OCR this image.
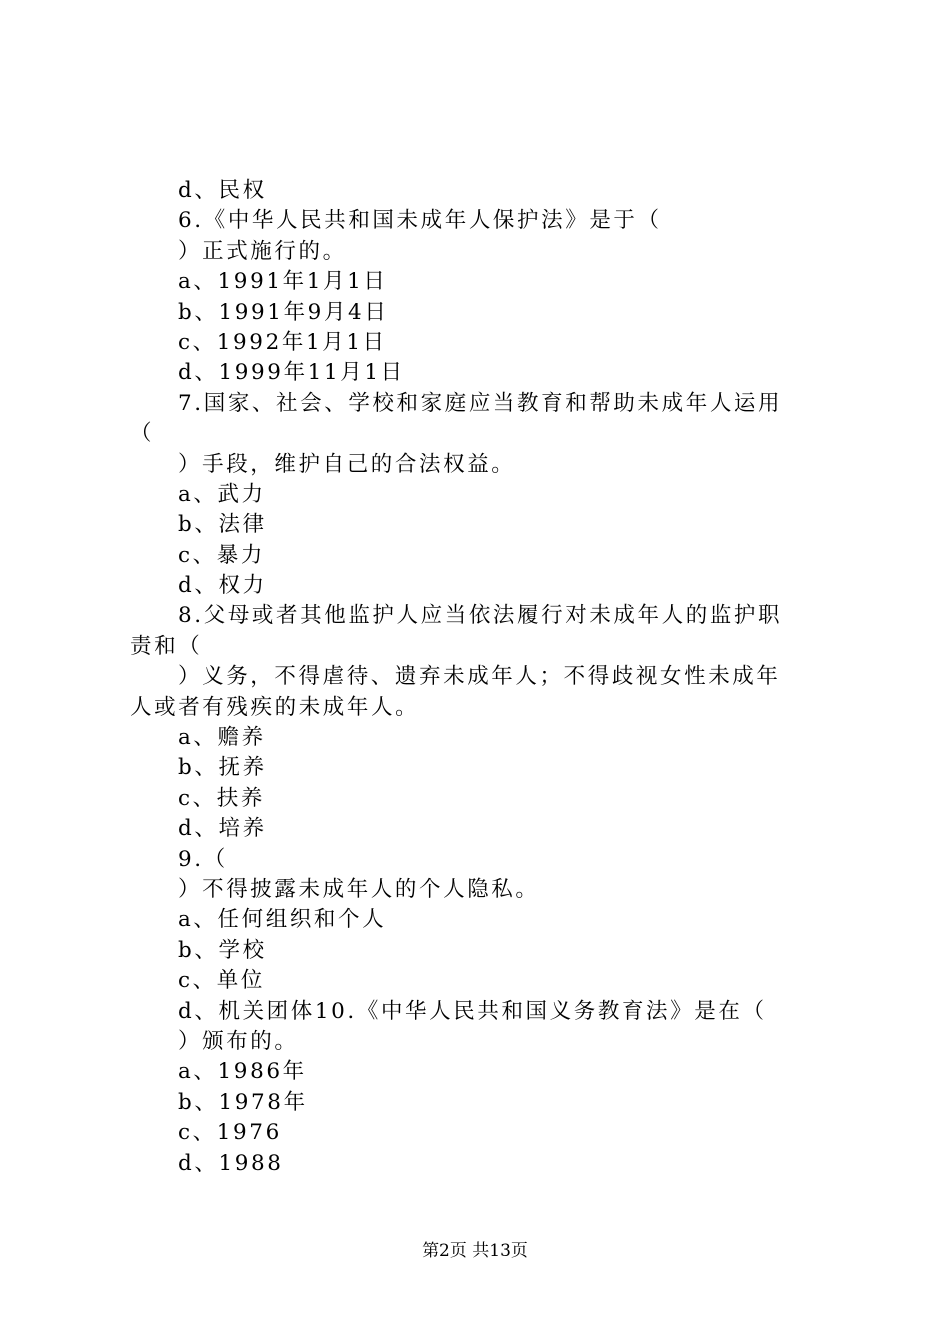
d、民权
6.《中华人民共和国未成年人保护法》是于（
）正式施行的。
a、1991年1月1日
b、1991年9月4日
c、1992年1月1日
d、1999年11月1日
7.国家、社会、学校和家庭应当教育和帮助未成年人运用
（
）手段，维护自己的合法权益。
a、武力
b、法律
c、暴力
d、权力
8.父母或者其他监护人应当依法履行对未成年人的监护职
责和（
）义务，不得虐待、遗弃未成年人；不得歧视女性未成年
人或者有残疾的未成年人。
a、赡养
b、抚养
c、扶养
d、培养
9.（
）不得披露未成年人的个人隐私。
a、任何组织和个人
b、学校
c、单位
d、机关团体10.《中华人民共和国义务教育法》是在（
）颁布的。
a、1986年
b、1978年
c、1976
d、1988
第2页 共13页
